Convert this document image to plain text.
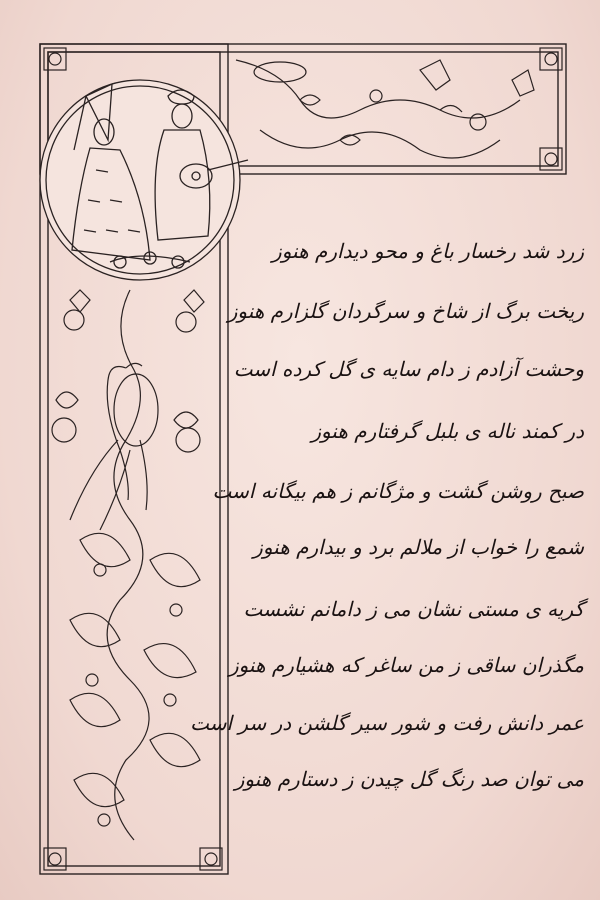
زرد شد رخسار باغ و محو دیدارم هنوز
ریخت برگ از شاخ و سرگردان گلزارم هنوز
وحشت آزادم ز دام سایه ی گل کرده است
در کمند ناله ی بلبل گرفتارم هنوز
صبح روشن گشت و مژگانم ز هم بیگانه است
شمع را خواب از ملالم برد و بیدارم هنوز
گریه ی مستی نشان می ز دامانم نشست
مگذران ساقی ز من ساغر که هشیارم هنوز
عمر دانش رفت و شور سیر گلشن در سر است
می توان صد رنگ گل چیدن ز دستارم هنوز
